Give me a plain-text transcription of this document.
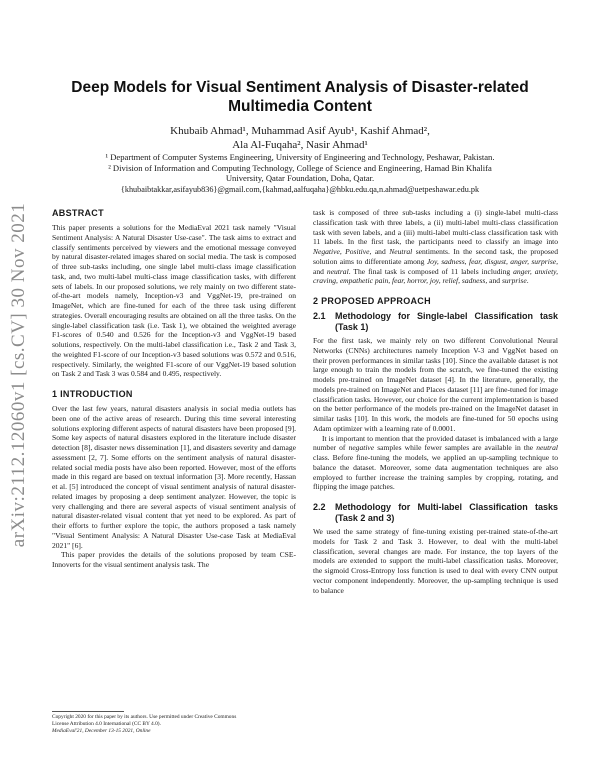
arXiv:2112.12060v1 [cs.CV] 30 Nov 2021
Deep Models for Visual Sentiment Analysis of Disaster-related
Multimedia Content
Khubaib Ahmad¹, Muhammad Asif Ayub¹, Kashif Ahmad²,
Ala Al-Fuqaha², Nasir Ahmad¹
¹ Department of Computer Systems Engineering, University of Engineering and Technology, Peshawar, Pakistan.
² Division of Information and Computing Technology, College of Science and Engineering, Hamad Bin Khalifa
University, Qatar Foundation, Doha, Qatar.
{khubaibtakkar,asifayub836}@gmail.com,{kahmad,aalfuqaha}@hbku.edu.qa,n.ahmad@uetpeshawar.edu.pk
ABSTRACT

This paper presents a solutions for the MediaEval 2021 task namely "Visual Sentiment Analysis: A Natural Disaster Use-case". The task aims to extract and classify sentiments perceived by viewers and the emotional message conveyed by natural disaster-related images shared on social media. The task is composed of three sub-tasks including, one single label multi-class image classification task, and, two multi-label multi-class image classification tasks, with different sets of labels. In our proposed solutions, we rely mainly on two different state-of-the-art models namely, Inception-v3 and VggNet-19, pre-trained on ImageNet, which are fine-tuned for each of the three task using different strategies. Overall encouraging results are obtained on all the three tasks. On the single-label classification task (i.e. Task 1), we obtained the weighted average F1-scores of 0.540 and 0.526 for the Inception-v3 and VggNet-19 based solutions, respectively. On the multi-label classification i.e., Task 2 and Task 3, the weighted F1-score of our Inception-v3 based solutions was 0.572 and 0.516, respectively. Similarly, the weighted F1-score of our VggNet-19 based solution on Task 2 and Task 3 was 0.584 and 0.495, respectively.

1 INTRODUCTION

Over the last few years, natural disasters analysis in social media outlets has been one of the active areas of research. During this time several interesting solutions exploring different aspects of natural disasters have been proposed [9]. Some key aspects of natural disasters explored in the literature include disaster detection [8], disaster news dissemination [1], and disasters severity and damage assessment [2, 7]. Some efforts on the sentiment analysis of natural disaster-related social media posts have also been reported. However, most of the efforts made in this regard are based on textual information [3]. More recently, Hassan et al. [5] introduced the concept of visual sentiment analysis of natural disaster-related images by proposing a deep sentiment analyzer. However, the topic is very challenging and there are several aspects of visual sentiment analysis of natural disaster-related visual content that yet need to be explored. As part of their efforts to further explore the topic, the authors proposed a task namely "Visual Sentiment Analysis: A Natural Disaster Use-case Task at MediaEval 2021" [6].

This paper provides the details of the solutions proposed by team CSE-Innoverts for the visual sentiment analysis task. The

Copyright 2020 for this paper by its authors. Use permitted under Creative Commons
License Attribution 4.0 International (CC BY 4.0).
MediaEval'21, December 13-15 2021, Online

task is composed of three sub-tasks including a (i) single-label multi-class classification task with three labels, a (ii) multi-label multi-class classification task with seven labels, and a (iii) multi-label multi-class classification task with 11 labels. In the first task, the participants need to classify an image into Negative, Positive, and Neutral sentiments. In the second task, the proposed solution aims to differentiate among Joy, sadness, fear, disgust, anger, surprise, and neutral. The final task is composed of 11 labels including anger, anxiety, craving, empathetic pain, fear, horror, joy, relief, sadness, and surprise.

2 PROPOSED APPROACH
2.1	Methodology for Single-label Classification task (Task 1)

For the first task, we mainly rely on two different Convolutional Neural Networks (CNNs) architectures namely Inception V-3 and VggNet based on their proven performances in similar tasks [10]. Since the available dataset is not large enough to train the models from the scratch, we fine-tuned the existing models pre-trained on ImageNet dataset [4]. In the literature, generally, the models pre-trained on ImageNet and Places dataset [11] are fine-tuned for image classification tasks. However, our choice for the current implementation is based on the better performance of the models pre-trained on the ImageNet dataset in similar tasks [10]. In this work, the models are fine-tuned for 50 epochs using Adam optimizer with a learning rate of 0.0001.

It is important to mention that the provided dataset is imbalanced with a large number of negative samples while fewer samples are available in the neutral class. Before fine-tuning the models, we applied an up-sampling technique to balance the dataset. Moreover, some data augmentation techniques are also employed to further increase the training samples by cropping, rotating, and flipping the image patches.

2.2	Methodology for Multi-label Classification tasks (Task 2 and 3)

We used the same strategy of fine-tuning existing per-trained state-of-the-art models for Task 2 and Task 3. However, to deal with the multi-label classification, several changes are made. For instance, the top layers of the models are extended to support the multi-label classification tasks. Moreover, the sigmoid Cross-Entropy loss function is used to deal with every CNN output vector component independently. Moreover, the up-sampling technique is used to balance
